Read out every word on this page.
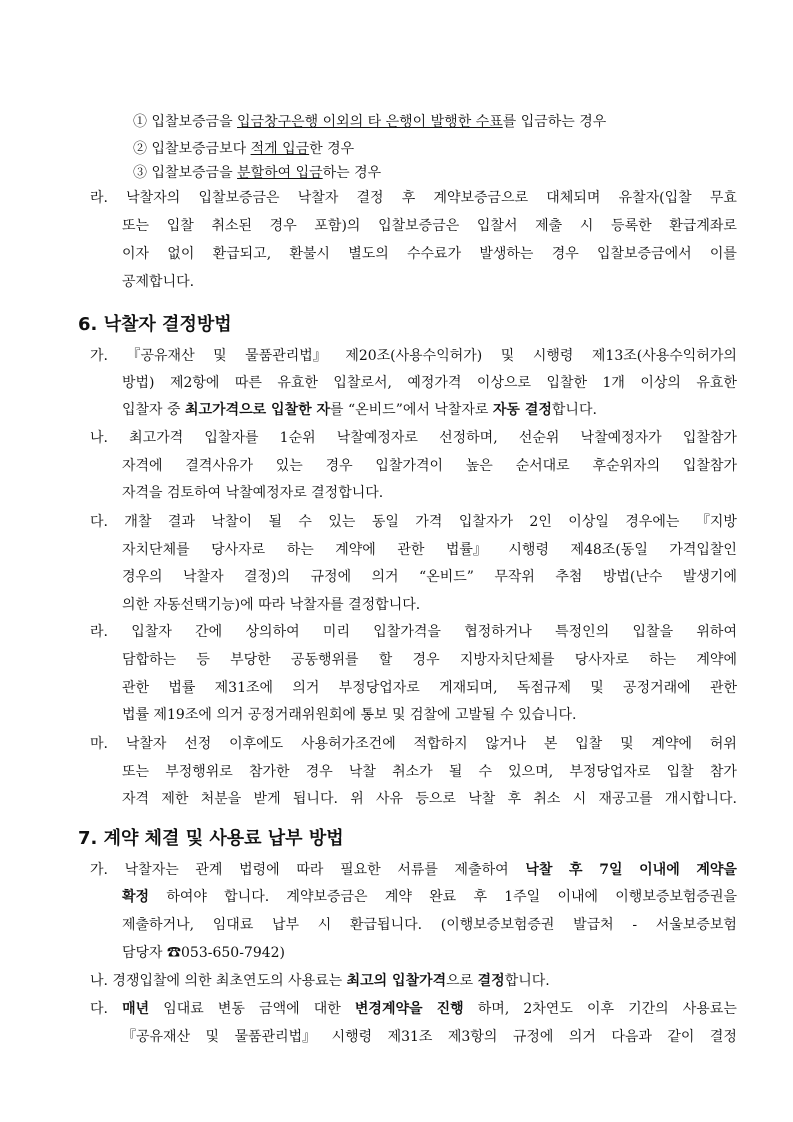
① 입찰보증금을 입금창구은행 이외의 타 은행이 발행한 수표를 입금하는 경우
② 입찰보증금보다 적게 입금한 경우
③ 입찰보증금을 분할하여 입금하는 경우
라. 낙찰자의 입찰보증금은 낙찰자 결정 후 계약보증금으로 대체되며 유찰자(입찰 무효
또는 입찰 취소된 경우 포함)의 입찰보증금은 입찰서 제출 시 등록한 환급계좌로
이자 없이 환급되고, 환불시 별도의 수수료가 발생하는 경우 입찰보증금에서 이를
공제합니다.
6. 낙찰자 결정방법
가. 『공유재산 및 물품관리법』 제20조(사용수익허가) 및 시행령 제13조(사용수익허가의
방법) 제2항에 따른 유효한 입찰로서, 예정가격 이상으로 입찰한 1개 이상의 유효한
입찰자 중 최고가격으로 입찰한 자를 “온비드”에서 낙찰자로 자동 결정합니다.
나. 최고가격 입찰자를 1순위 낙찰예정자로 선정하며, 선순위 낙찰예정자가 입찰참가
자격에 결격사유가 있는 경우 입찰가격이 높은 순서대로 후순위자의 입찰참가
자격을 검토하여 낙찰예정자로 결정합니다.
다. 개찰 결과 낙찰이 될 수 있는 동일 가격 입찰자가 2인 이상일 경우에는 『지방
자치단체를 당사자로 하는 계약에 관한 법률』 시행령 제48조(동일 가격입찰인
경우의 낙찰자 결정)의 규정에 의거 “온비드” 무작위 추첨 방법(난수 발생기에
의한 자동선택기능)에 따라 낙찰자를 결정합니다.
라. 입찰자 간에 상의하여 미리 입찰가격을 협정하거나 특정인의 입찰을 위하여
담합하는 등 부당한 공동행위를 할 경우 지방자치단체를 당사자로 하는 계약에
관한 법률 제31조에 의거 부정당업자로 게재되며, 독점규제 및 공정거래에 관한
법률 제19조에 의거 공정거래위원회에 통보 및 검찰에 고발될 수 있습니다.
마. 낙찰자 선정 이후에도 사용허가조건에 적합하지 않거나 본 입찰 및 계약에 허위
또는 부정행위로 참가한 경우 낙찰 취소가 될 수 있으며, 부정당업자로 입찰 참가
자격 제한 처분을 받게 됩니다. 위 사유 등으로 낙찰 후 취소 시 재공고를 개시합니다.
7. 계약 체결 및 사용료 납부 방법
가. 낙찰자는 관계 법령에 따라 필요한 서류를 제출하여 낙찰 후 7일 이내에 계약을
확정 하여야 합니다. 계약보증금은 계약 완료 후 1주일 이내에 이행보증보험증권을
제출하거나, 임대료 납부 시 환급됩니다. (이행보증보험증권 발급처 - 서울보증보험
담당자 ☎053-650-7942)
나. 경쟁입찰에 의한 최초연도의 사용료는 최고의 입찰가격으로 결정합니다.
다. 매년 임대료 변동 금액에 대한 변경계약을 진행 하며, 2차연도 이후 기간의 사용료는
『공유재산 및 물품관리법』 시행령 제31조 제3항의 규정에 의거 다음과 같이 결정
